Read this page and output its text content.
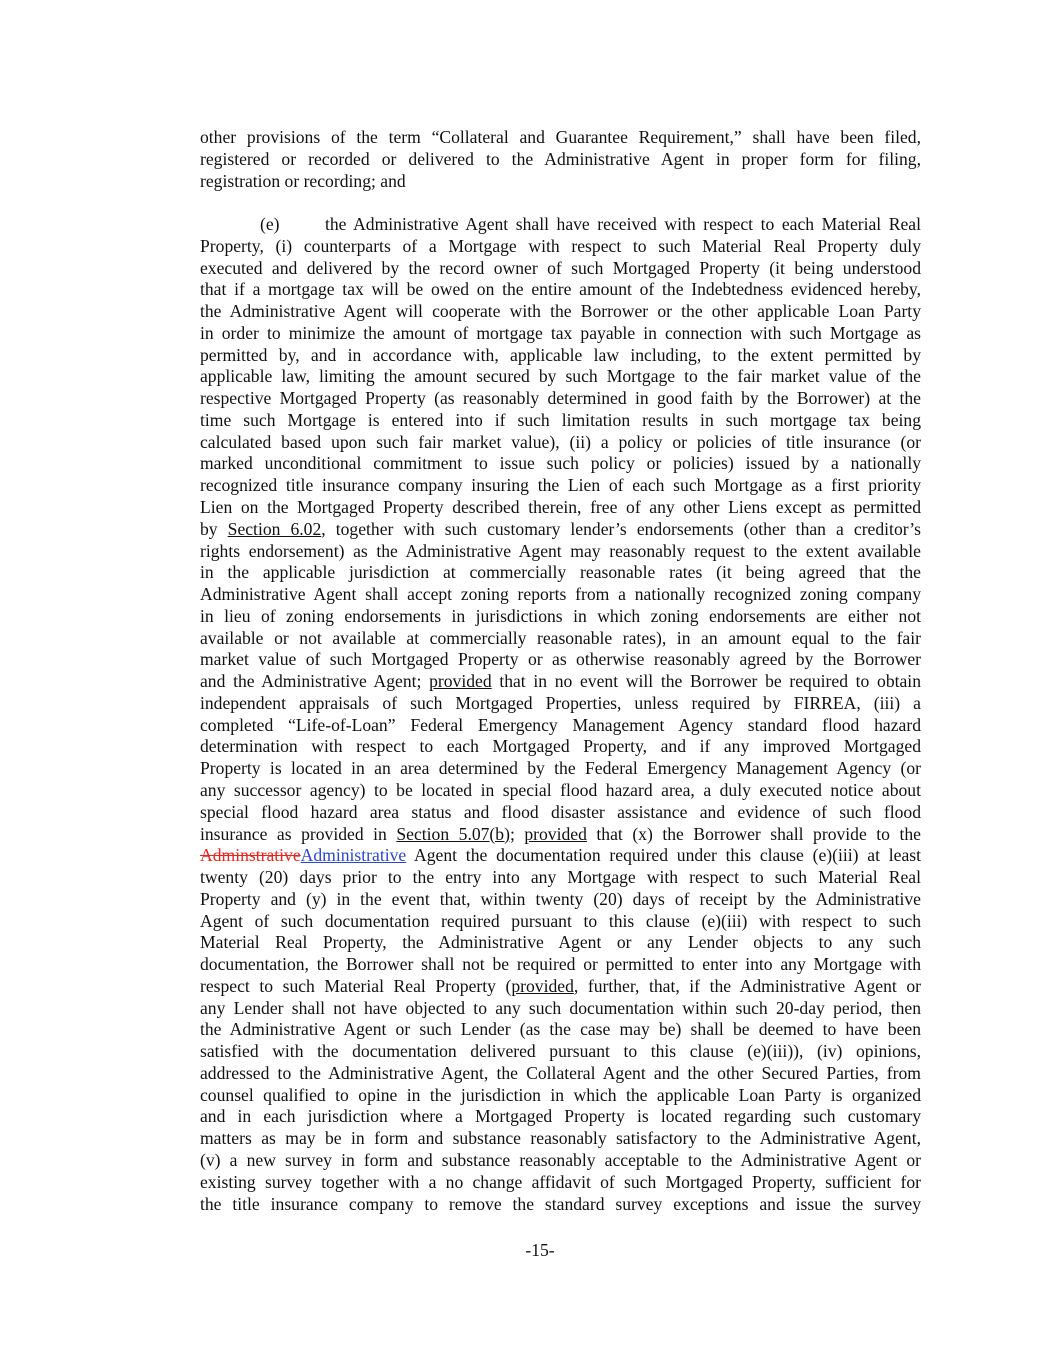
other provisions of the term “Collateral and Guarantee Requirement,” shall have been filed,
registered or recorded or delivered to the Administrative Agent in proper form for filing,
registration or recording; and
(e)	the Administrative Agent shall have received with respect to each Material Real
Property, (i) counterparts of a Mortgage with respect to such Material Real Property duly
executed and delivered by the record owner of such Mortgaged Property (it being understood
that if a mortgage tax will be owed on the entire amount of the Indebtedness evidenced hereby,
the Administrative Agent will cooperate with the Borrower or the other applicable Loan Party
in order to minimize the amount of mortgage tax payable in connection with such Mortgage as
permitted by, and in accordance with, applicable law including, to the extent permitted by
applicable law, limiting the amount secured by such Mortgage to the fair market value of the
respective Mortgaged Property (as reasonably determined in good faith by the Borrower) at the
time such Mortgage is entered into if such limitation results in such mortgage tax being
calculated based upon such fair market value), (ii) a policy or policies of title insurance (or
marked unconditional commitment to issue such policy or policies) issued by a nationally
recognized title insurance company insuring the Lien of each such Mortgage as a first priority
Lien on the Mortgaged Property described therein, free of any other Liens except as permitted
by Section 6.02, together with such customary lender’s endorsements (other than a creditor’s
rights endorsement) as the Administrative Agent may reasonably request to the extent available
in the applicable jurisdiction at commercially reasonable rates (it being agreed that the
Administrative Agent shall accept zoning reports from a nationally recognized zoning company
in lieu of zoning endorsements in jurisdictions in which zoning endorsements are either not
available or not available at commercially reasonable rates), in an amount equal to the fair
market value of such Mortgaged Property or as otherwise reasonably agreed by the Borrower
and the Administrative Agent; provided that in no event will the Borrower be required to obtain
independent appraisals of such Mortgaged Properties, unless required by FIRREA, (iii) a
completed “Life-of-Loan” Federal Emergency Management Agency standard flood hazard
determination with respect to each Mortgaged Property, and if any improved Mortgaged
Property is located in an area determined by the Federal Emergency Management Agency (or
any successor agency) to be located in special flood hazard area, a duly executed notice about
special flood hazard area status and flood disaster assistance and evidence of such flood
insurance as provided in Section 5.07(b); provided that (x) the Borrower shall provide to the
AdminstrativeAdministrative Agent the documentation required under this clause (e)(iii) at least
twenty (20) days prior to the entry into any Mortgage with respect to such Material Real
Property and (y) in the event that, within twenty (20) days of receipt by the Administrative
Agent of such documentation required pursuant to this clause (e)(iii) with respect to such
Material Real Property, the Administrative Agent or any Lender objects to any such
documentation, the Borrower shall not be required or permitted to enter into any Mortgage with
respect to such Material Real Property (provided, further, that, if the Administrative Agent or
any Lender shall not have objected to any such documentation within such 20-day period, then
the Administrative Agent or such Lender (as the case may be) shall be deemed to have been
satisfied with the documentation delivered pursuant to this clause (e)(iii)), (iv) opinions,
addressed to the Administrative Agent, the Collateral Agent and the other Secured Parties, from
counsel qualified to opine in the jurisdiction in which the applicable Loan Party is organized
and in each jurisdiction where a Mortgaged Property is located regarding such customary
matters as may be in form and substance reasonably satisfactory to the Administrative Agent,
(v) a new survey in form and substance reasonably acceptable to the Administrative Agent or
existing survey together with a no change affidavit of such Mortgaged Property, sufficient for
the title insurance company to remove the standard survey exceptions and issue the survey
-15-
